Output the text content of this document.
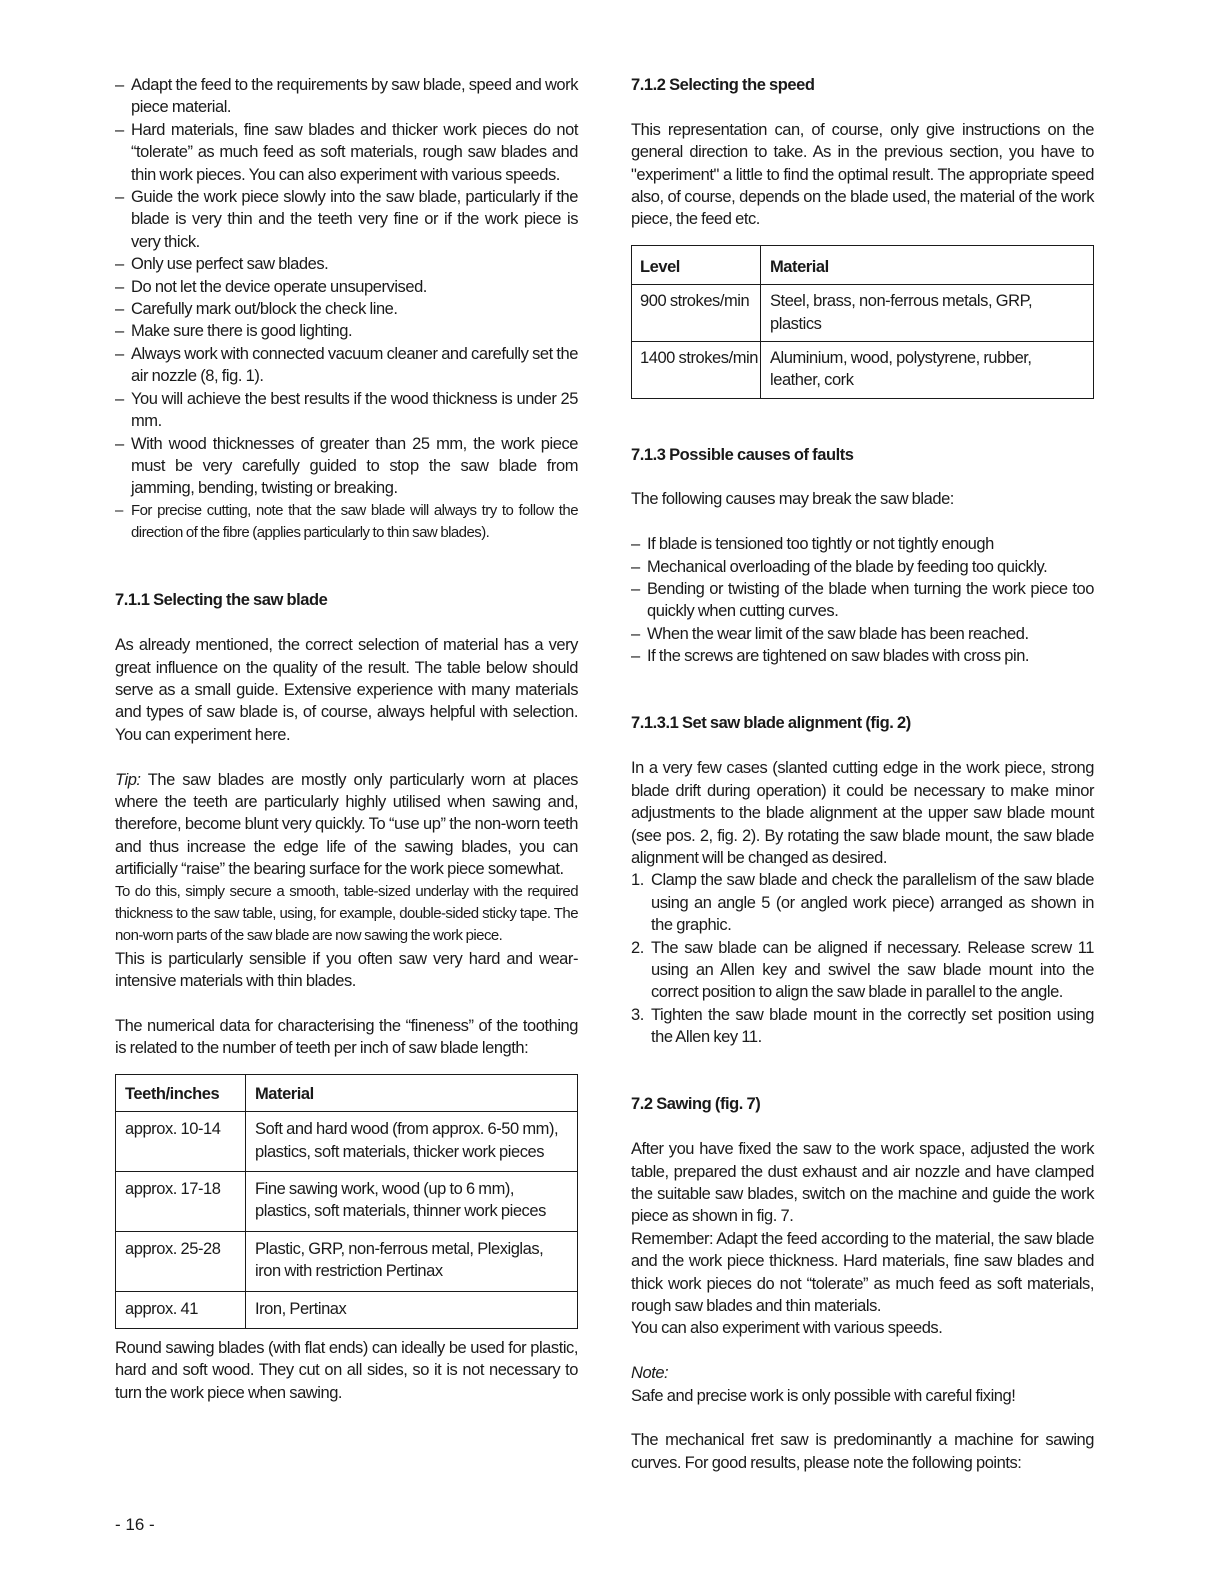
– Adapt the feed to the requirements by saw blade, speed and work piece material.
– Hard materials, fine saw blades and thicker work pieces do not “tolerate” as much feed as soft materials, rough saw blades and thin work pieces. You can also experiment with various speeds.
– Guide the work piece slowly into the saw blade, particularly if the blade is very thin and the teeth very fine or if the work piece is very thick.
– Only use perfect saw blades.
– Do not let the device operate unsupervised.
– Carefully mark out/block the check line.
– Make sure there is good lighting.
– Always work with connected vacuum cleaner and carefully set the air nozzle (8, fig. 1).
– You will achieve the best results if the wood thickness is under 25 mm.
– With wood thicknesses of greater than 25 mm, the work piece must be very carefully guided to stop the saw blade from jamming, bending, twisting or breaking.
– For precise cutting, note that the saw blade will always try to follow the direction of the fibre (applies particularly to thin saw blades).
7.1.1 Selecting the saw blade

As already mentioned, the correct selection of material has a very great influence on the quality of the result. The table below should serve as a small guide. Extensive experience with many materials and types of saw blade is, of course, always helpful with selection. You can experiment here.

Tip: The saw blades are mostly only particularly worn at places where the teeth are particularly highly utilised when sawing and, therefore, become blunt very quickly. To “use up” the non-worn teeth and thus increase the edge life of the sawing blades, you can artificially “raise” the bearing surface for the work piece somewhat.

To do this, simply secure a smooth, table-sized underlay with the required thickness to the saw table, using, for example, double-sided sticky tape. The non-worn parts of the saw blade are now sawing the work piece.

This is particularly sensible if you often saw very hard and wear-intensive materials with thin blades.

The numerical data for characterising the “fineness” of the toothing is related to the number of teeth per inch of saw blade length:

Teeth/inches	Material
approx. 10-14	Soft and hard wood (from approx. 6-50 mm), plastics, soft materials, thicker work pieces
approx. 17-18	Fine sawing work, wood (up to 6 mm), plastics, soft materials, thinner work pieces
approx. 25-28	Plastic, GRP, non-ferrous metal, Plexiglas, iron with restriction Pertinax
approx. 41	Iron, Pertinax

Round sawing blades (with flat ends) can ideally be used for plastic, hard and soft wood. They cut on all sides, so it is not necessary to turn the work piece when sawing.

7.1.2 Selecting the speed

This representation can, of course, only give instructions on the general direction to take. As in the previous section, you have to "experiment" a little to find the optimal result. The appropriate speed also, of course, depends on the blade used, the material of the work piece, the feed etc.

Level	Material
900 strokes/min	Steel, brass, non-ferrous metals, GRP, plastics
1400 strokes/min	Aluminium, wood, polystyrene, rubber, leather, cork
7.1.3 Possible causes of faults

The following causes may break the saw blade:

– If blade is tensioned too tightly or not tightly enough
– Mechanical overloading of the blade by feeding too quickly.
– Bending or twisting of the blade when turning the work piece too quickly when cutting curves.
– When the wear limit of the saw blade has been reached.
– If the screws are tightened on saw blades with cross pin.
7.1.3.1 Set saw blade alignment (fig. 2)

In a very few cases (slanted cutting edge in the work piece, strong blade drift during operation) it could be necessary to make minor adjustments to the blade alignment at the upper saw blade mount (see pos. 2, fig. 2). By rotating the saw blade mount, the saw blade alignment will be changed as desired.

1. Clamp the saw blade and check the parallelism of the saw blade using an angle 5 (or angled work piece) arranged as shown in the graphic.
2. The saw blade can be aligned if necessary. Release screw 11 using an Allen key and swivel the saw blade mount into the correct position to align the saw blade in parallel to the angle.
3. Tighten the saw blade mount in the correctly set position using the Allen key 11.
7.2 Sawing (fig. 7)

After you have fixed the saw to the work space, adjusted the work table, prepared the dust exhaust and air nozzle and have clamped the suitable saw blades, switch on the machine and guide the work piece as shown in fig. 7.

Remember: Adapt the feed according to the material, the saw blade and the work piece thickness. Hard materials, fine saw blades and thick work pieces do not “tolerate” as much feed as soft materials, rough saw blades and thin materials.

You can also experiment with various speeds.

Note:

Safe and precise work is only possible with careful fixing!

The mechanical fret saw is predominantly a machine for sawing curves. For good results, please note the following points:

- 16 -
